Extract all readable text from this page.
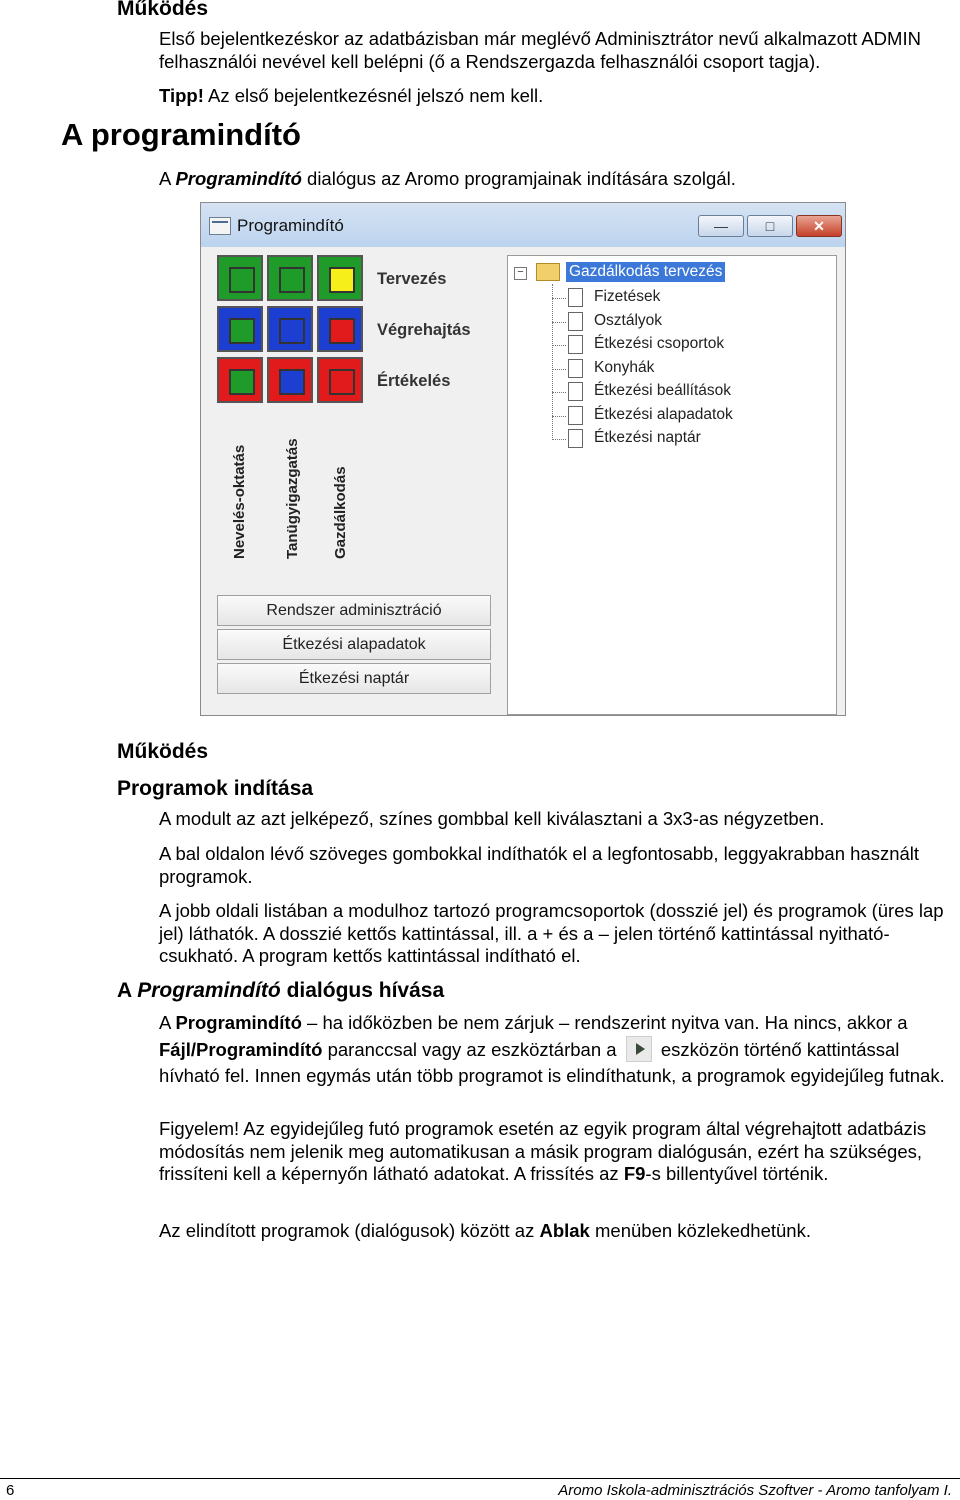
Működés
Első bejelentkezéskor az adatbázisban már meglévő Adminisztrátor nevű alkalmazott ADMIN felhasználói nevével kell belépni (ő a Rendszergazda felhasználói csoport tagja).
Tipp! Az első bejelentkezésnél jelszó nem kell.
A programindító
A Programindító dialógus az Aromo programjainak indítására szolgál.
Programindító	—	□	✕
Tervezés
Végrehajtás
Értékelés
Nevelés-oktatás Tanügyigazgatás Gazdálkodás
Rendszer adminisztráció
Étkezési alapadatok
Étkezési naptár
−	Gazdálkodás tervezés
Fizetések
Osztályok
Étkezési csoportok
Konyhák
Étkezési beállítások
Étkezési alapadatok
Étkezési naptár
Működés
Programok indítása
A modult az azt jelképező, színes gombbal kell kiválasztani a 3x3-as négyzetben.
A bal oldalon lévő szöveges gombokkal indíthatók el a legfontosabb, leggyakrabban használt programok.
A jobb oldali listában a modulhoz tartozó programcsoportok (dosszié jel) és programok (üres lap jel) láthatók. A dosszié kettős kattintással, ill. a + és a – jelen történő kattintással nyitható-csukható. A program kettős kattintással indítható el.
A Programindító dialógus hívása
A Programindító – ha időközben be nem zárjuk – rendszerint nyitva van. Ha nincs, akkor a Fájl/Programindító paranccsal vagy az eszköztárban a eszközön történő kattintással hívható fel. Innen egymás után több programot is elindíthatunk, a programok egyidejűleg futnak.
Figyelem! Az egyidejűleg futó programok esetén az egyik program által végrehajtott adatbázis módosítás nem jelenik meg automatikusan a másik program dialógusán, ezért ha szükséges, frissíteni kell a képernyőn látható adatokat. A frissítés az F9-s billentyűvel történik.
Az elindított programok (dialógusok) között az Ablak menüben közlekedhetünk.
6	Aromo Iskola-adminisztrációs Szoftver - Aromo tanfolyam I.
